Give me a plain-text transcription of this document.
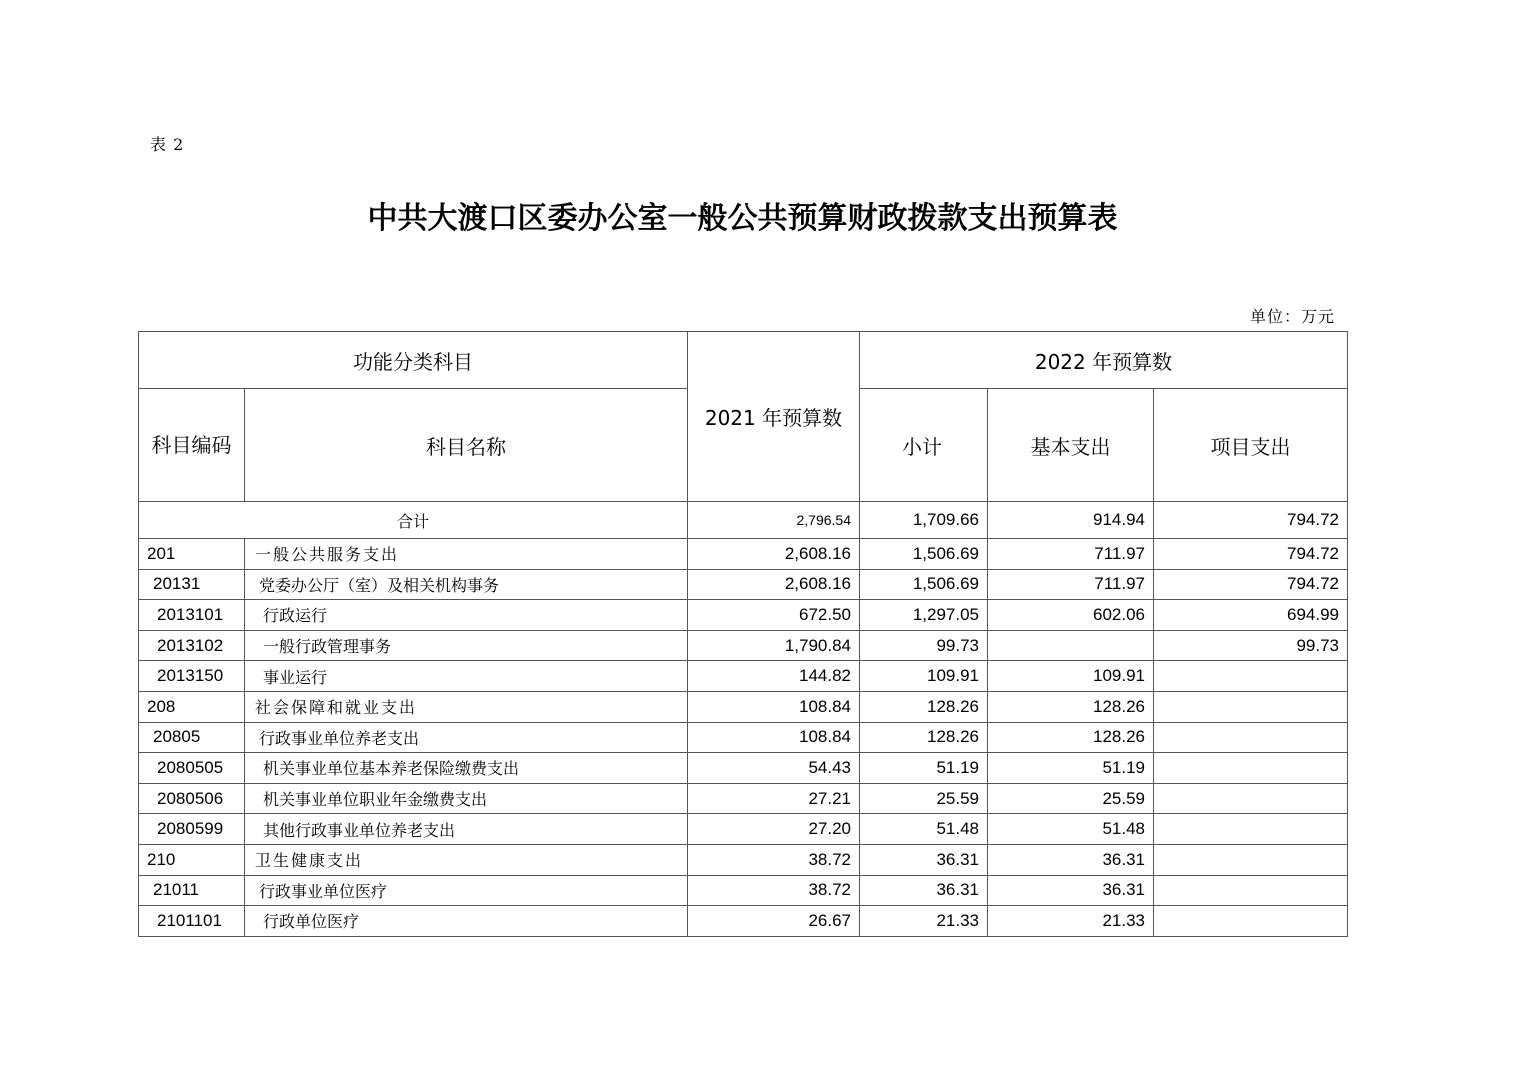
表 2
中共大渡口区委办公室一般公共预算财政拨款支出预算表
单位：万元
功能分类科目		2021 年预算数	2022 年预算数		
科目编码	科目名称		小计	基本支出	项目支出
合计		2,796.54	1,709.66	914.94	794.72
201	一般公共服务支出	2,608.16	1,506.69	711.97	794.72
20131	党委办公厅（室）及相关机构事务	2,608.16	1,506.69	711.97	794.72
2013101	行政运行	672.50	1,297.05	602.06	694.99
2013102	一般行政管理事务	1,790.84	99.73		99.73
2013150	事业运行	144.82	109.91	109.91	
208	社会保障和就业支出	108.84	128.26	128.26	
20805	行政事业单位养老支出	108.84	128.26	128.26	
2080505	机关事业单位基本养老保险缴费支出	54.43	51.19	51.19	
2080506	机关事业单位职业年金缴费支出	27.21	25.59	25.59	
2080599	其他行政事业单位养老支出	27.20	51.48	51.48	
210	卫生健康支出	38.72	36.31	36.31	
21011	行政事业单位医疗	38.72	36.31	36.31	
2101101	行政单位医疗	26.67	21.33	21.33	
